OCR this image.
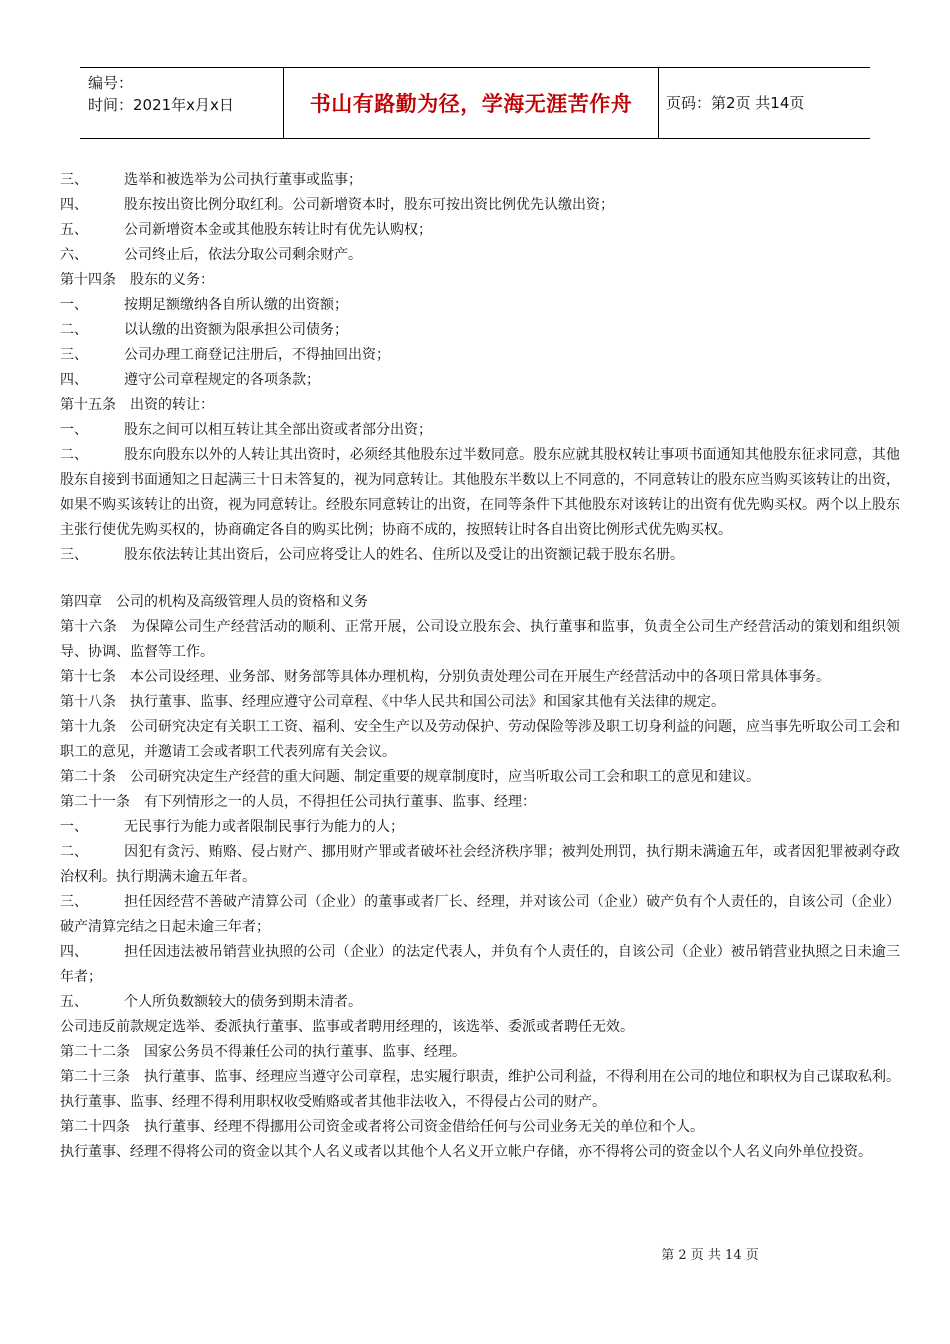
编号：
时间：2021年x月x日	书山有路勤为径，学海无涯苦作舟	页码：第2页 共14页

三、	选举和被选举为公司执行董事或监事；

四、	股东按出资比例分取红利。公司新增资本时，股东可按出资比例优先认缴出资；

五、	公司新增资本金或其他股东转让时有优先认购权；

六、	公司终止后，依法分取公司剩余财产。

第十四条　股东的义务：

一、	按期足额缴纳各自所认缴的出资额；

二、	以认缴的出资额为限承担公司债务；

三、	公司办理工商登记注册后，不得抽回出资；

四、	遵守公司章程规定的各项条款；

第十五条　出资的转让：

一、	股东之间可以相互转让其全部出资或者部分出资；

二、	股东向股东以外的人转让其出资时，必须经其他股东过半数同意。股东应就其股权转让事项书面通知其他股东征求同意，其他股东自接到书面通知之日起满三十日未答复的，视为同意转让。其他股东半数以上不同意的，不同意转让的股东应当购买该转让的出资，如果不购买该转让的出资，视为同意转让。经股东同意转让的出资，在同等条件下其他股东对该转让的出资有优先购买权。两个以上股东主张行使优先购买权的，协商确定各自的购买比例；协商不成的，按照转让时各自出资比例形式优先购买权。

三、	股东依法转让其出资后，公司应将受让人的姓名、住所以及受让的出资额记载于股东名册。

第四章　公司的机构及高级管理人员的资格和义务

第十六条　为保障公司生产经营活动的顺利、正常开展，公司设立股东会、执行董事和监事，负责全公司生产经营活动的策划和组织领导、协调、监督等工作。

第十七条　本公司设经理、业务部、财务部等具体办理机构，分别负责处理公司在开展生产经营活动中的各项日常具体事务。

第十八条　执行董事、监事、经理应遵守公司章程、《中华人民共和国公司法》和国家其他有关法律的规定。

第十九条　公司研究决定有关职工工资、福利、安全生产以及劳动保护、劳动保险等涉及职工切身利益的问题，应当事先听取公司工会和职工的意见，并邀请工会或者职工代表列席有关会议。

第二十条　公司研究决定生产经营的重大问题、制定重要的规章制度时，应当听取公司工会和职工的意见和建议。

第二十一条　有下列情形之一的人员，不得担任公司执行董事、监事、经理：

一、	无民事行为能力或者限制民事行为能力的人；

二、	因犯有贪污、贿赂、侵占财产、挪用财产罪或者破坏社会经济秩序罪；被判处刑罚，执行期未满逾五年，或者因犯罪被剥夺政治权利。执行期满未逾五年者。

三、	担任因经营不善破产清算公司（企业）的董事或者厂长、经理，并对该公司（企业）破产负有个人责任的，自该公司（企业）破产清算完结之日起未逾三年者；

四、	担任因违法被吊销营业执照的公司（企业）的法定代表人，并负有个人责任的，自该公司（企业）被吊销营业执照之日未逾三年者；

五、	个人所负数额较大的债务到期未清者。

公司违反前款规定选举、委派执行董事、监事或者聘用经理的，该选举、委派或者聘任无效。

第二十二条　国家公务员不得兼任公司的执行董事、监事、经理。

第二十三条　执行董事、监事、经理应当遵守公司章程，忠实履行职责，维护公司利益，不得利用在公司的地位和职权为自己谋取私利。执行董事、监事、经理不得利用职权收受贿赂或者其他非法收入，不得侵占公司的财产。

第二十四条　执行董事、经理不得挪用公司资金或者将公司资金借给任何与公司业务无关的单位和个人。

执行董事、经理不得将公司的资金以其个人名义或者以其他个人名义开立帐户存储，亦不得将公司的资金以个人名义向外单位投资。

第 2 页 共 14 页
